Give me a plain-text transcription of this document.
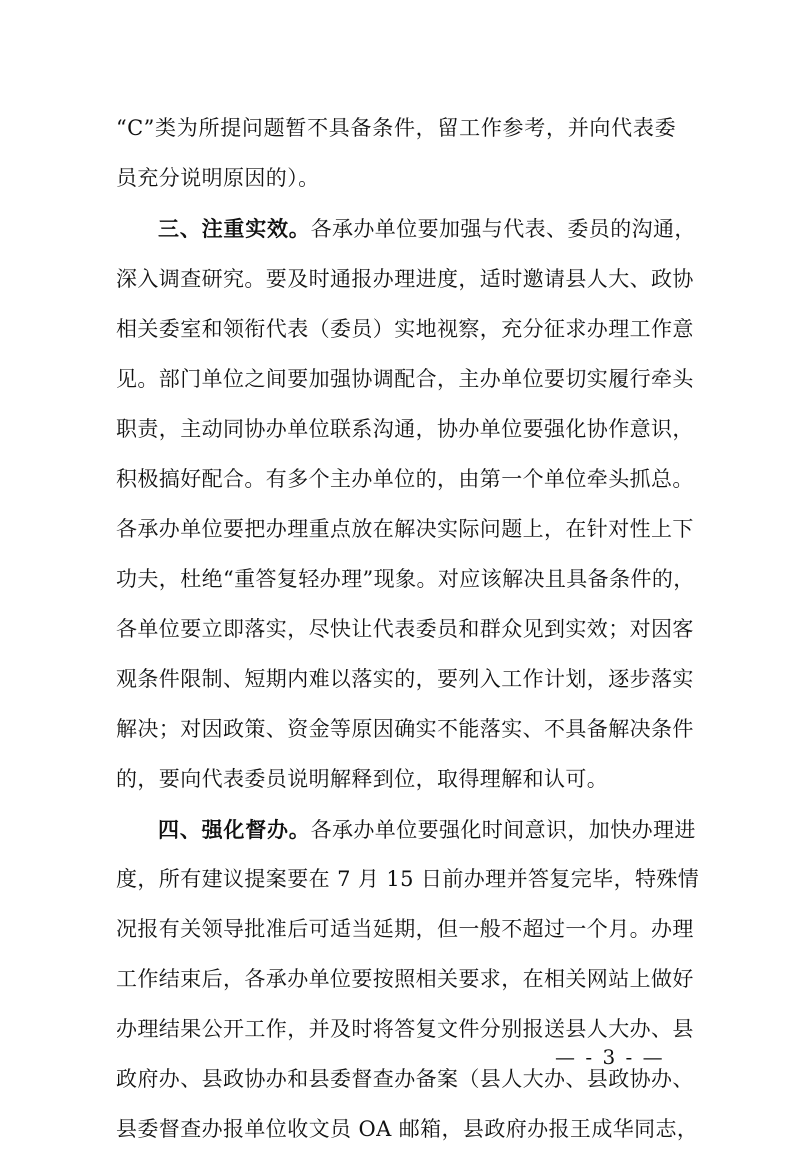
“C”类为所提问题暂不具备条件，留工作参考，并向代表委
员充分说明原因的）。
三、注重实效。各承办单位要加强与代表、委员的沟通，
深入调查研究。要及时通报办理进度，适时邀请县人大、政协
相关委室和领衔代表（委员）实地视察，充分征求办理工作意
见。部门单位之间要加强协调配合，主办单位要切实履行牵头
职责，主动同协办单位联系沟通，协办单位要强化协作意识，
积极搞好配合。有多个主办单位的，由第一个单位牵头抓总。
各承办单位要把办理重点放在解决实际问题上，在针对性上下
功夫，杜绝“重答复轻办理”现象。对应该解决且具备条件的，
各单位要立即落实，尽快让代表委员和群众见到实效；对因客
观条件限制、短期内难以落实的，要列入工作计划，逐步落实
解决；对因政策、资金等原因确实不能落实、不具备解决条件
的，要向代表委员说明解释到位，取得理解和认可。
四、强化督办。各承办单位要强化时间意识，加快办理进
度，所有建议提案要在 7 月 15 日前办理并答复完毕，特殊情
况报有关领导批准后可适当延期，但一般不超过一个月。办理
工作结束后，各承办单位要按照相关要求，在相关网站上做好
办理结果公开工作，并及时将答复文件分别报送县人大办、县
政府办、县政协办和县委督查办备案（县人大办、县政协办、
县委督查办报单位收文员 OA 邮箱，县政府办报王成华同志，
— - 3 - —
